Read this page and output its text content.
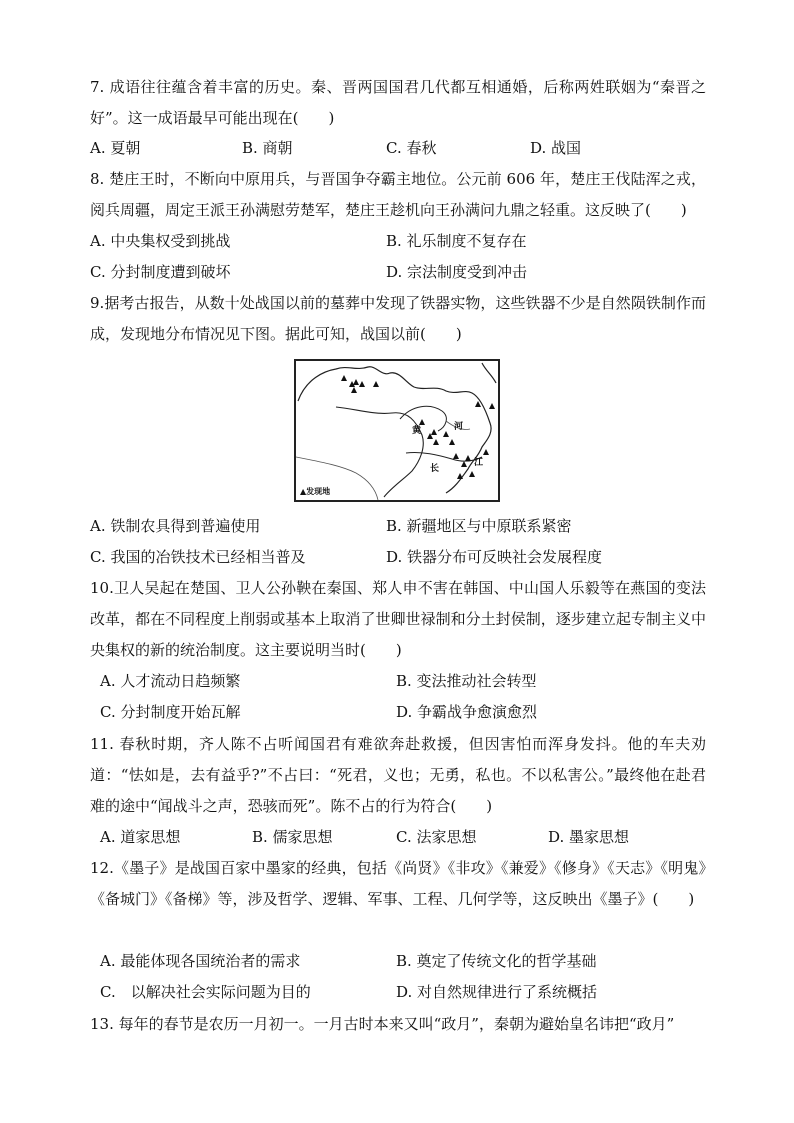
7. 成语往往蕴含着丰富的历史。秦、晋两国国君几代都互相通婚，后称两姓联姻为“秦晋之好”。这一成语最早可能出现在(　　)

A. 夏朝	B. 商朝	C. 春秋	D. 战国

8. 楚庄王时，不断向中原用兵，与晋国争夺霸主地位。公元前 606 年，楚庄王伐陆浑之戎，阅兵周疆，周定王派王孙满慰劳楚军，楚庄王趁机向王孙满问九鼎之轻重。这反映了(　　)

A. 中央集权受到挑战	B. 礼乐制度不复存在
C. 分封制度遭到破坏	D. 宗法制度受到冲击

9.据考古报告，从数十处战国以前的墓葬中发现了铁器实物，这些铁器不少是自然陨铁制作而成，发现地分布情况见下图。据此可知，战国以前(　　)

黄	河
长
江
▲发现地
A. 铁制农具得到普遍使用	B. 新疆地区与中原联系紧密
C. 我国的冶铁技术已经相当普及	D. 铁器分布可反映社会发展程度

10.卫人吴起在楚国、卫人公孙鞅在秦国、郑人申不害在韩国、中山国人乐毅等在燕国的变法改革，都在不同程度上削弱或基本上取消了世卿世禄制和分土封侯制，逐步建立起专制主义中央集权的新的统治制度。这主要说明当时(　　)

A. 人才流动日趋频繁	B. 变法推动社会转型
C. 分封制度开始瓦解	D. 争霸战争愈演愈烈

11. 春秋时期，齐人陈不占听闻国君有难欲奔赴救援，但因害怕而浑身发抖。他的车夫劝道：“怯如是，去有益乎?”不占曰：“死君，义也；无勇，私也。不以私害公。”最终他在赴君难的途中“闻战斗之声，恐骇而死”。陈不占的行为符合(　　)

A. 道家思想	B. 儒家思想	C. 法家思想	D. 墨家思想

12.《墨子》是战国百家中墨家的经典，包括《尚贤》《非攻》《兼爱》《修身》《天志》《明鬼》《备城门》《备梯》等，涉及哲学、逻辑、军事、工程、几何学等，这反映出《墨子》(　　)

A. 最能体现各国统治者的需求	B. 奠定了传统文化的哲学基础
C.　以解决社会实际问题为目的	D. 对自然规律进行了系统概括

13. 每年的春节是农历一月初一。一月古时本来又叫“政月”，秦朝为避始皇名讳把“政月”
